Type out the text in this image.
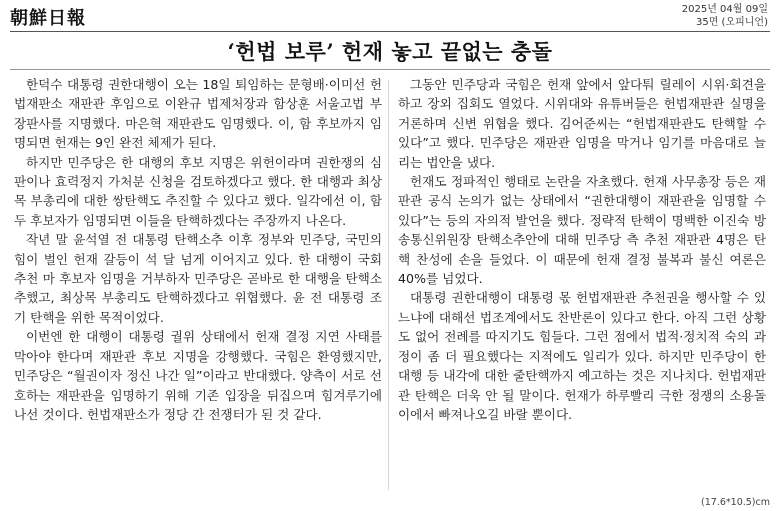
朝鮮日報	2025년 04월 09일
35면 (오피니언)
‘헌법 보루’ 헌재 놓고 끝없는 충돌

한덕수 대통령 권한대행이 오는 18일 퇴임하는 문형배·이미선 헌법재판소 재판관 후임으로 이완규 법제처장과 함상훈 서울고법 부장판사를 지명했다. 마은혁 재판관도 임명했다. 이, 함 후보까지 임명되면 헌재는 9인 완전 체제가 된다.

하지만 민주당은 한 대행의 후보 지명은 위헌이라며 권한쟁의 심판이나 효력정지 가처분 신청을 검토하겠다고 했다. 한 대행과 최상목 부총리에 대한 쌍탄핵도 추진할 수 있다고 했다. 일각에선 이, 함 두 후보자가 임명되면 이들을 탄핵하겠다는 주장까지 나온다.

작년 말 윤석열 전 대통령 탄핵소추 이후 정부와 민주당, 국민의힘이 벌인 헌재 갈등이 석 달 넘게 이어지고 있다. 한 대행이 국회 추천 마 후보자 임명을 거부하자 민주당은 곧바로 한 대행을 탄핵소추했고, 최상목 부총리도 탄핵하겠다고 위협했다. 윤 전 대통령 조기 탄핵을 위한 목적이었다.

이번엔 한 대행이 대통령 궐위 상태에서 헌재 결정 지연 사태를 막아야 한다며 재판관 후보 지명을 강행했다. 국힘은 환영했지만, 민주당은 “월권이자 정신 나간 일”이라고 반대했다. 양측이 서로 선호하는 재판관을 임명하기 위해 기존 입장을 뒤집으며 힘겨루기에 나선 것이다. 헌법재판소가 정당 간 전쟁터가 된 것 같다.

그동안 민주당과 국힘은 헌재 앞에서 앞다퉈 릴레이 시위·회견을 하고 장외 집회도 열었다. 시위대와 유튜버들은 헌법재판관 실명을 거론하며 신변 위협을 했다. 김어준씨는 “헌법재판관도 탄핵할 수 있다”고 했다. 민주당은 재판관 임명을 막거나 임기를 마음대로 늘리는 법안을 냈다.

헌재도 정파적인 행태로 논란을 자초했다. 헌재 사무총장 등은 재판관 공식 논의가 없는 상태에서 “권한대행이 재판관을 임명할 수 있다”는 등의 자의적 발언을 했다. 정략적 탄핵이 명백한 이진숙 방송통신위원장 탄핵소추안에 대해 민주당 측 추천 재판관 4명은 탄핵 찬성에 손을 들었다. 이 때문에 헌재 결정 불복과 불신 여론은 40%를 넘었다.

대통령 권한대행이 대통령 몫 헌법재판관 추천권을 행사할 수 있느냐에 대해선 법조계에서도 찬반론이 있다고 한다. 아직 그런 상황도 없어 전례를 따지기도 힘들다. 그런 점에서 법적·정치적 숙의 과정이 좀 더 필요했다는 지적에도 일리가 있다. 하지만 민주당이 한 대행 등 내각에 대한 줄탄핵까지 예고하는 것은 지나치다. 헌법재판관 탄핵은 더욱 안 될 말이다. 헌재가 하루빨리 극한 정쟁의 소용돌이에서 빠져나오길 바랄 뿐이다.

(17.6*10.5)cm
